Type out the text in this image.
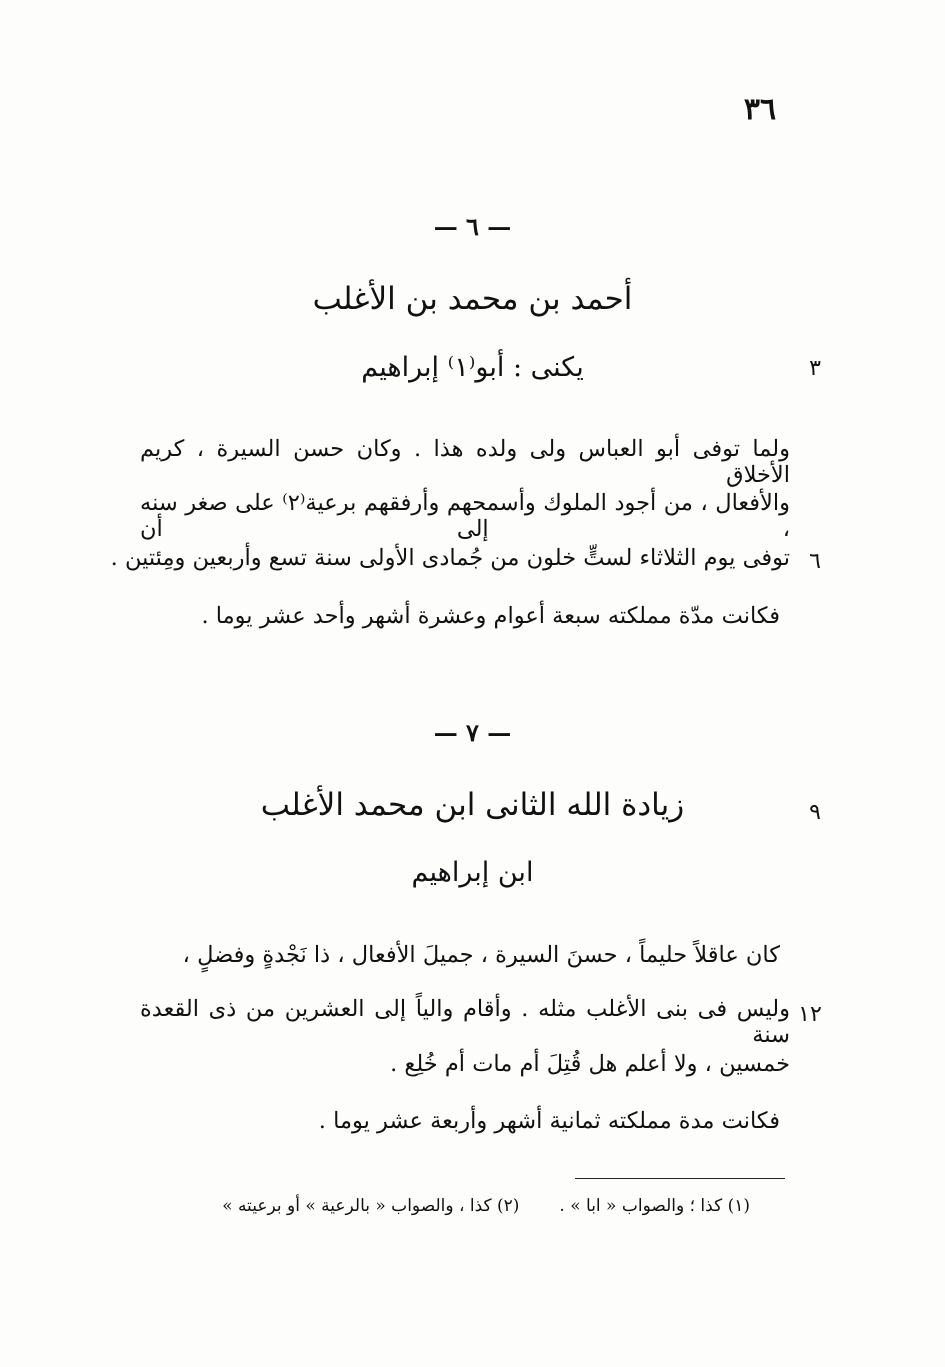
٣٦
— ٦ —
أحمد بن محمد بن الأغلب
يكنى : أبو⁽١⁾ إبراهيم	٣
ولما توفى أبو العباس ولى ولده هذا . وكان حسن السيرة ، كريم الأخلاق
والأفعال ، من أجود الملوك وأسمحهم وأرفقهم برعية⁽٢⁾ على صغر سنه ، إلى أن
توفى يوم الثلاثاء لستٍّ خلون من جُمادى الأولى سنة تسع وأربعين ومِئتين . ٦
فكانت مدّة مملكته سبعة أعوام وعشرة أشهر وأحد عشر يوما .
— ٧ —
زيادة الله الثانى ابن محمد الأغلب	٩
ابن إبراهيم
كان عاقلاً حليماً ، حسنَ السيرة ، جميلَ الأفعال ، ذا نَجْدةٍ وفضلٍ ،
وليس فى بنى الأغلب مثله . وأقام والياً إلى العشرين من ذى القعدة سنة
١٢
خمسين ، ولا أعلم هل قُتِلَ أم مات أم خُلِع .
فكانت مدة مملكته ثمانية أشهر وأربعة عشر يوما .
(١) كذا ؛ والصواب « ابا » .(٢) كذا ، والصواب « بالرعية » أو برعيته »
